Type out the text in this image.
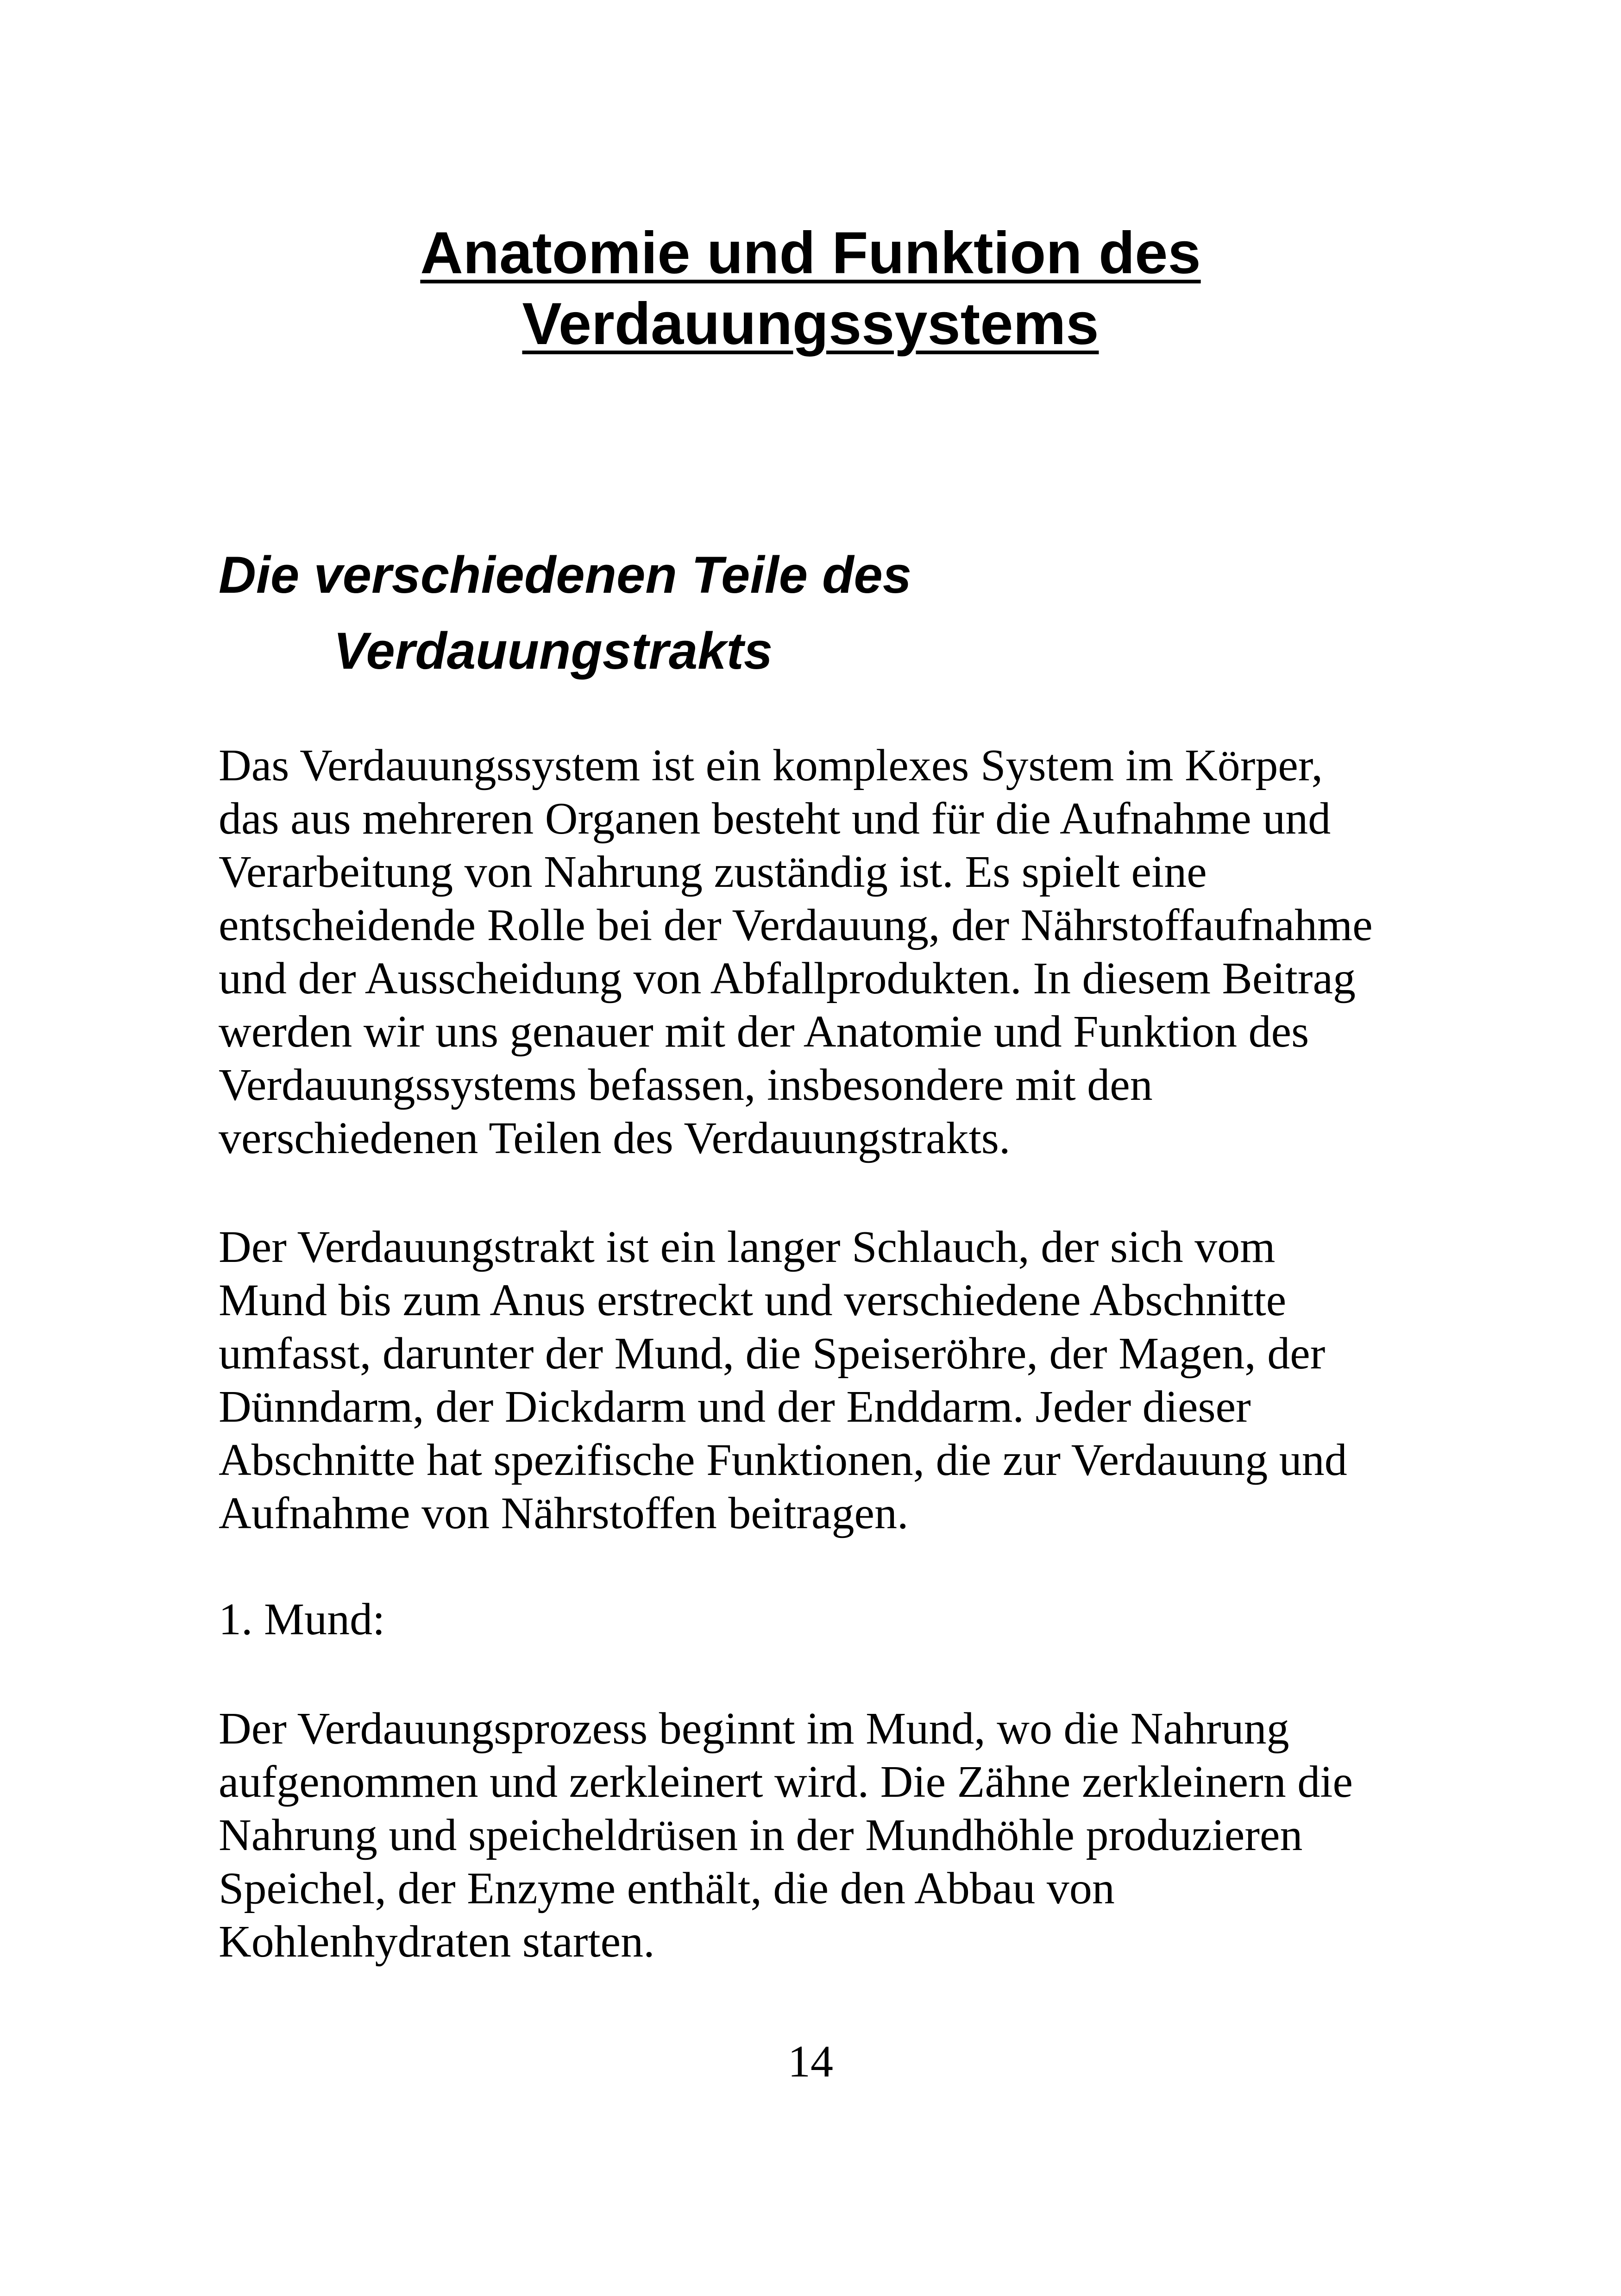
Anatomie und Funktion des
Verdauungssystems
Die verschiedenen Teile des
Verdauungstrakts

Das Verdauungssystem ist ein komplexes System im Körper,
das aus mehreren Organen besteht und für die Aufnahme und
Verarbeitung von Nahrung zuständig ist. Es spielt eine
entscheidende Rolle bei der Verdauung, der Nährstoffaufnahme
und der Ausscheidung von Abfallprodukten. In diesem Beitrag
werden wir uns genauer mit der Anatomie und Funktion des
Verdauungssystems befassen, insbesondere mit den
verschiedenen Teilen des Verdauungstrakts.

Der Verdauungstrakt ist ein langer Schlauch, der sich vom
Mund bis zum Anus erstreckt und verschiedene Abschnitte
umfasst, darunter der Mund, die Speiseröhre, der Magen, der
Dünndarm, der Dickdarm und der Enddarm. Jeder dieser
Abschnitte hat spezifische Funktionen, die zur Verdauung und
Aufnahme von Nährstoffen beitragen.

1. Mund:

Der Verdauungsprozess beginnt im Mund, wo die Nahrung
aufgenommen und zerkleinert wird. Die Zähne zerkleinern die
Nahrung und speicheldrüsen in der Mundhöhle produzieren
Speichel, der Enzyme enthält, die den Abbau von
Kohlenhydraten starten.

14
